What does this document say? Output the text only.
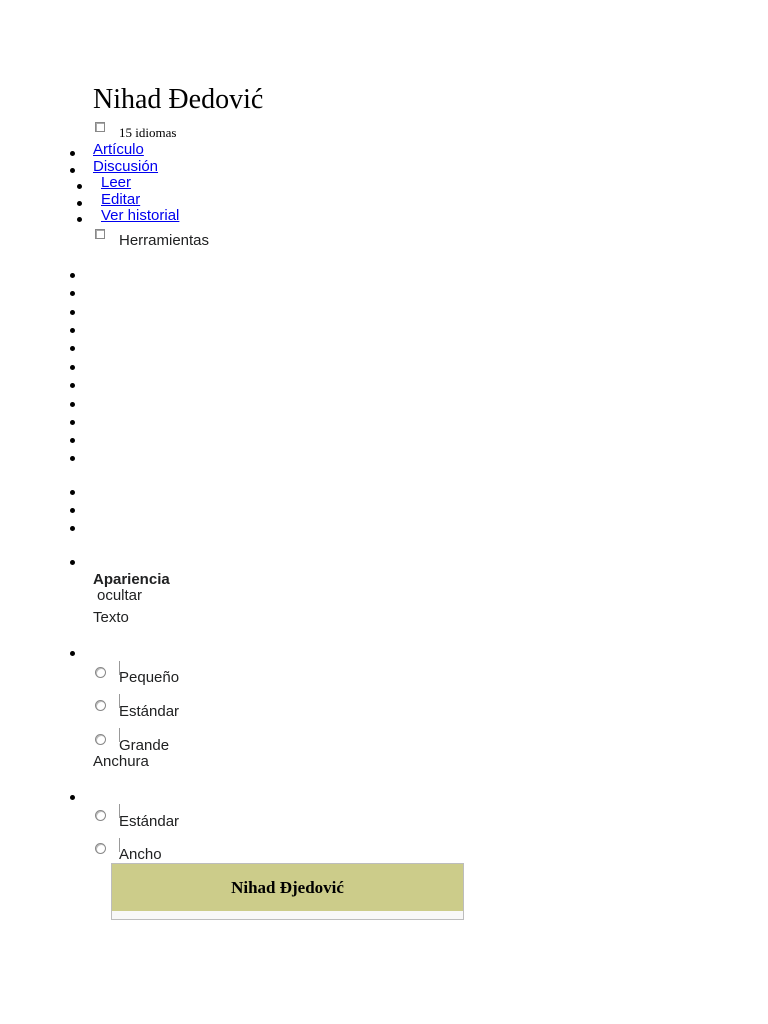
Nihad Đedović
15 idiomas
Artículo
Discusión
Leer
Editar
Ver historial
Herramientas
Apariencia
ocultar
Texto
Pequeño
Estándar
Grande
Anchura
Estándar
Ancho
Nihad Đjedović
